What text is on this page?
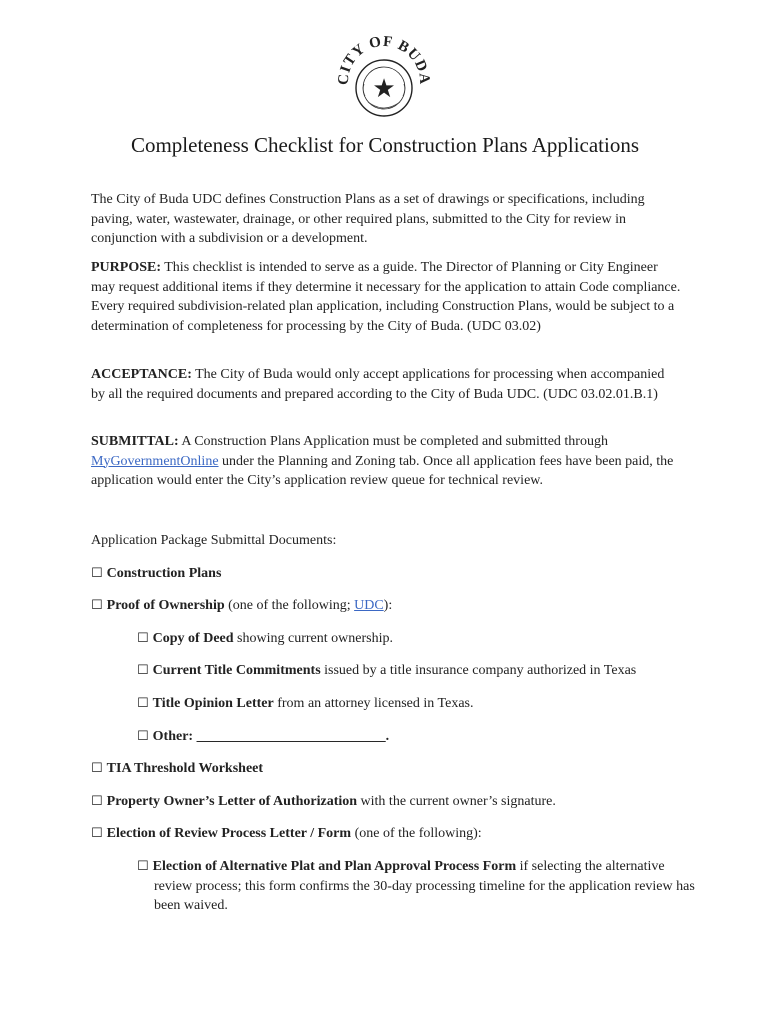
★
CITY OF BUDA
Completeness Checklist for Construction Plans Applications

The City of Buda UDC defines Construction Plans as a set of drawings or specifications, including paving, water, wastewater, drainage, or other required plans, submitted to the City for review in conjunction with a subdivision or a development.

PURPOSE: This checklist is intended to serve as a guide. The Director of Planning or City Engineer may request additional items if they determine it necessary for the application to attain Code compliance. Every required subdivision-related plan application, including Construction Plans, would be subject to a determination of completeness for processing by the City of Buda. (UDC 03.02)

ACCEPTANCE: The City of Buda would only accept applications for processing when accompanied by all the required documents and prepared according to the City of Buda UDC. (UDC 03.02.01.B.1)

SUBMITTAL: A Construction Plans Application must be completed and submitted through MyGovernmentOnline under the Planning and Zoning tab. Once all application fees have been paid, the application would enter the City’s application review queue for technical review.

Application Package Submittal Documents:
☐ Construction Plans
☐ Proof of Ownership (one of the following; UDC):
☐ Copy of Deed showing current ownership.
☐ Current Title Commitments issued by a title insurance company authorized in Texas
☐ Title Opinion Letter from an attorney licensed in Texas.
☐ Other: ___________________________.
☐ TIA Threshold Worksheet
☐ Property Owner’s Letter of Authorization with the current owner’s signature.
☐ Election of Review Process Letter / Form (one of the following):
☐ Election of Alternative Plat and Plan Approval Process Form if selecting the alternative review process; this form confirms the 30-day processing timeline for the application review has been waived.
